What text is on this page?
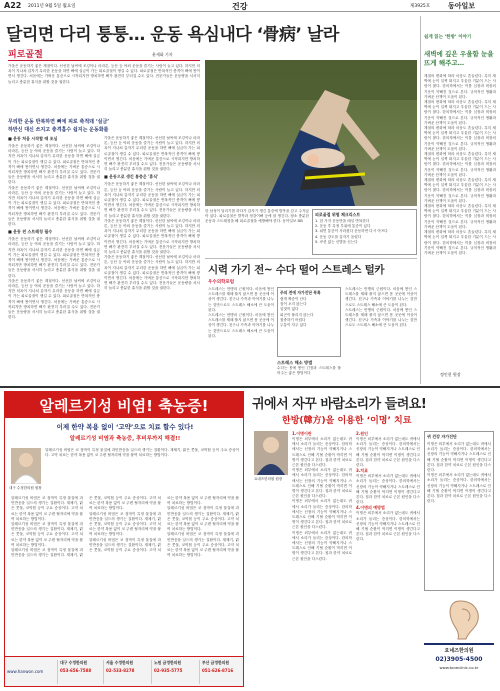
A22 2011년 9월 5일 월요일	건강	제3925호	동아일보
달리면 다리 퉁퉁… 운동 욕심내다 ‘骨病’ 날라
피로골절	윤세화 기자
가을은 운동하기 좋은 계절이다. 선선한 날씨에 조깅이나 마라톤, 등산 등 야외 운동을 즐기는 사람이 늘고 있다. 하지만 의욕이 지나쳐 갑자기 무리한 운동을 하면 뼈에 실금이 가는 피로골절이 생길 수 있다. 피로골절은 반복적인 충격이 뼈에 쌓이면서 생긴다. 처음에는 가벼운 통증으로 시작되지만 방치하면 뼈가 완전히 부러질 수도 있다. 전문가들은 운동량을 서서히 늘리고 충분한 휴식을 취할 것을 권한다.
무리한 운동 반복하면 뼈에 피로 축적돼 ‘실금’
하반신 대신 쓰지고 충격흡수 쉽지는 운동화를
■ 운동 처음 시작할 때 조심
가을은 운동하기 좋은 계절이다. 선선한 날씨에 조깅이나 마라톤, 등산 등 야외 운동을 즐기는 사람이 늘고 있다. 하지만 의욕이 지나쳐 갑자기 무리한 운동을 하면 뼈에 실금이 가는 피로골절이 생길 수 있다. 피로골절은 반복적인 충격이 뼈에 쌓이면서 생긴다. 처음에는 가벼운 통증으로 시작되지만 방치하면 뼈가 완전히 부러질 수도 있다. 전문가들은 운동량을 서서히 늘리고 충분한 휴식을 취할 것을 권한다.
가을은 운동하기 좋은 계절이다. 선선한 날씨에 조깅이나 마라톤, 등산 등 야외 운동을 즐기는 사람이 늘고 있다. 하지만 의욕이 지나쳐 갑자기 무리한 운동을 하면 뼈에 실금이 가는 피로골절이 생길 수 있다. 피로골절은 반복적인 충격이 뼈에 쌓이면서 생긴다. 처음에는 가벼운 통증으로 시작되지만 방치하면 뼈가 완전히 부러질 수도 있다. 전문가들은 운동량을 서서히 늘리고 충분한 휴식을 취할 것을 권한다.
■ 운동 전 스트레칭 필수
가을은 운동하기 좋은 계절이다. 선선한 날씨에 조깅이나 마라톤, 등산 등 야외 운동을 즐기는 사람이 늘고 있다. 하지만 의욕이 지나쳐 갑자기 무리한 운동을 하면 뼈에 실금이 가는 피로골절이 생길 수 있다. 피로골절은 반복적인 충격이 뼈에 쌓이면서 생긴다. 처음에는 가벼운 통증으로 시작되지만 방치하면 뼈가 완전히 부러질 수도 있다. 전문가들은 운동량을 서서히 늘리고 충분한 휴식을 취할 것을 권한다.
가을은 운동하기 좋은 계절이다. 선선한 날씨에 조깅이나 마라톤, 등산 등 야외 운동을 즐기는 사람이 늘고 있다. 하지만 의욕이 지나쳐 갑자기 무리한 운동을 하면 뼈에 실금이 가는 피로골절이 생길 수 있다. 피로골절은 반복적인 충격이 뼈에 쌓이면서 생긴다. 처음에는 가벼운 통증으로 시작되지만 방치하면 뼈가 완전히 부러질 수도 있다. 전문가들은 운동량을 서서히 늘리고 충분한 휴식을 취할 것을 권한다.
가을은 운동하기 좋은 계절이다. 선선한 날씨에 조깅이나 마라톤, 등산 등 야외 운동을 즐기는 사람이 늘고 있다. 하지만 의욕이 지나쳐 갑자기 무리한 운동을 하면 뼈에 실금이 가는 피로골절이 생길 수 있다. 피로골절은 반복적인 충격이 뼈에 쌓이면서 생긴다. 처음에는 가벼운 통증으로 시작되지만 방치하면 뼈가 완전히 부러질 수도 있다. 전문가들은 운동량을 서서히 늘리고 충분한 휴식을 취할 것을 권한다.
■ 운동으로 생긴 통증은 '휴식'
가을은 운동하기 좋은 계절이다. 선선한 날씨에 조깅이나 마라톤, 등산 등 야외 운동을 즐기는 사람이 늘고 있다. 하지만 의욕이 지나쳐 갑자기 무리한 운동을 하면 뼈에 실금이 가는 피로골절이 생길 수 있다. 피로골절은 반복적인 충격이 뼈에 쌓이면서 생긴다. 처음에는 가벼운 통증으로 시작되지만 방치하면 뼈가 완전히 부러질 수도 있다. 전문가들은 운동량을 서서히 늘리고 충분한 휴식을 취할 것을 권한다.
가을은 운동하기 좋은 계절이다. 선선한 날씨에 조깅이나 마라톤, 등산 등 야외 운동을 즐기는 사람이 늘고 있다. 하지만 의욕이 지나쳐 갑자기 무리한 운동을 하면 뼈에 실금이 가는 피로골절이 생길 수 있다. 피로골절은 반복적인 충격이 뼈에 쌓이면서 생긴다. 처음에는 가벼운 통증으로 시작되지만 방치하면 뼈가 완전히 부러질 수도 있다. 전문가들은 운동량을 서서히 늘리고 충분한 휴식을 취할 것을 권한다.
가을은 운동하기 좋은 계절이다. 선선한 날씨에 조깅이나 마라톤, 등산 등 야외 운동을 즐기는 사람이 늘고 있다. 하지만 의욕이 지나쳐 갑자기 무리한 운동을 하면 뼈에 실금이 가는 피로골절이 생길 수 있다. 피로골절은 반복적인 충격이 뼈에 쌓이면서 생긴다. 처음에는 가벼운 통증으로 시작되지만 방치하면 뼈가 완전히 부러질 수도 있다. 전문가들은 운동량을 서서히 늘리고 충분한 휴식을 취할 것을 권한다.
한 남성이 달리기를 하다가 갑자기 생긴 통증에 발목을 감고 주저앉아 있다. 피로골절은 발목과 정강이뼈 등에 잘 생긴다. 평소 충분한 운동과 스트레칭을 해 피로골절을 예방해야 한다. 동아일보 DB
피로골절 위험 체크리스트
1. 한 가지 운동만을 매일 반복한다
2. 운동 후 특정 부위에 통증이 있다
3. 쉬면 통증이 사라졌다 운동하면 다시 아프다
4. 운동 강도를 갑자기 올렸다
5. 쿠션 없는 신발을 신는다
시력 가기 전~ 수다 떨어 스트레스 털카
우수의학포럼
스트레스는 만병의 근원이다. 마음에 쌓인 스트레스를 제때 풀지 않으면 몸 곳곳에 이상이 생긴다. 친구나 가족과 이야기를 나누는 것만으로도 스트레스 해소에 큰 도움이 된다.
스트레스는 만병의 근원이다. 마음에 쌓인 스트레스를 제때 풀지 않으면 몸 곳곳에 이상이 생긴다. 친구나 가족과 이야기를 나누는 것만으로도 스트레스 해소에 큰 도움이 된다.
주의 전에 자가진단 목록
쉽게 짜증이 난다
잠이 오지 않는다
입맛이 없다
피곤이 풀리지 않는다
집중하기 어렵다
두통이 자주 있다
스트레스는 만병의 근원이다. 마음에 쌓인 스트레스를 제때 풀지 않으면 몸 곳곳에 이상이 생긴다. 친구나 가족과 이야기를 나누는 것만으로도 스트레스 해소에 큰 도움이 된다.
스트레스는 만병의 근원이다. 마음에 쌓인 스트레스를 제때 풀지 않으면 몸 곳곳에 이상이 생긴다. 친구나 가족과 이야기를 나누는 것만으로도 스트레스 해소에 큰 도움이 된다.
스트레스 해소 방법
수다는 몸에 쌓인 긴장과 스트레스를 풀어주는 좋은 방법이다
쉽게 읽는 ‘한방’ 이야기
새벽에 깊은 우울함 눈을 뜨게 해주고…
계절의 변화에 따라 마음도 흔들린다. 특히 새벽에 눈이 일찍 떠지고 우울한 기분이 드는 사람이 많다. 한의학에서는 이를 심장과 비장의 기운이 약해진 것으로 본다. 규칙적인 생활과 가벼운 산책이 도움이 된다.
계절의 변화에 따라 마음도 흔들린다. 특히 새벽에 눈이 일찍 떠지고 우울한 기분이 드는 사람이 많다. 한의학에서는 이를 심장과 비장의 기운이 약해진 것으로 본다. 규칙적인 생활과 가벼운 산책이 도움이 된다.
계절의 변화에 따라 마음도 흔들린다. 특히 새벽에 눈이 일찍 떠지고 우울한 기분이 드는 사람이 많다. 한의학에서는 이를 심장과 비장의 기운이 약해진 것으로 본다. 규칙적인 생활과 가벼운 산책이 도움이 된다.
계절의 변화에 따라 마음도 흔들린다. 특히 새벽에 눈이 일찍 떠지고 우울한 기분이 드는 사람이 많다. 한의학에서는 이를 심장과 비장의 기운이 약해진 것으로 본다. 규칙적인 생활과 가벼운 산책이 도움이 된다.
계절의 변화에 따라 마음도 흔들린다. 특히 새벽에 눈이 일찍 떠지고 우울한 기분이 드는 사람이 많다. 한의학에서는 이를 심장과 비장의 기운이 약해진 것으로 본다. 규칙적인 생활과 가벼운 산책이 도움이 된다.
계절의 변화에 따라 마음도 흔들린다. 특히 새벽에 눈이 일찍 떠지고 우울한 기분이 드는 사람이 많다. 한의학에서는 이를 심장과 비장의 기운이 약해진 것으로 본다. 규칙적인 생활과 가벼운 산책이 도움이 된다.
계절의 변화에 따라 마음도 흔들린다. 특히 새벽에 눈이 일찍 떠지고 우울한 기분이 드는 사람이 많다. 한의학에서는 이를 심장과 비장의 기운이 약해진 것으로 본다. 규칙적인 생활과 가벼운 산책이 도움이 된다.
정인헌 원장
알레르기성 비염! 축농증!
이제 한약 복용 없이 ‘고약’으로 치료 할수 있다!
알레르기성 비염과 축농증, 후비루까지 해결!!
대구 수정한의원 원장
알레르기성 비염은 코 점막이 특정 물질에 과민반응을 일으켜 생기는 질환이다. 재채기, 맑은 콧물, 코막힘 등이 주요 증상이다. 고약 치료는 한약 복용 없이 코 주변 혈자리에 약을 붙여 치료하는 방법이다.
알레르기성 비염은 코 점막이 특정 물질에 과민반응을 일으켜 생기는 질환이다. 재채기, 맑은 콧물, 코막힘 등이 주요 증상이다. 고약 치료는 한약 복용 없이 코 주변 혈자리에 약을 붙여 치료하는 방법이다.
알레르기성 비염은 코 점막이 특정 물질에 과민반응을 일으켜 생기는 질환이다. 재채기, 맑은 콧물, 코막힘 등이 주요 증상이다. 고약 치료는 한약 복용 없이 코 주변 혈자리에 약을 붙여 치료하는 방법이다.
알레르기성 비염은 코 점막이 특정 물질에 과민반응을 일으켜 생기는 질환이다. 재채기, 맑은 콧물, 코막힘 등이 주요 증상이다. 고약 치료는 한약 복용 없이 코 주변 혈자리에 약을 붙여 치료하는 방법이다.
알레르기성 비염은 코 점막이 특정 물질에 과민반응을 일으켜 생기는 질환이다. 재채기, 맑은 콧물, 코막힘 등이 주요 증상이다. 고약 치료는 한약 복용 없이 코 주변 혈자리에 약을 붙여 치료하는 방법이다.
알레르기성 비염은 코 점막이 특정 물질에 과민반응을 일으켜 생기는 질환이다. 재채기, 맑은 콧물, 코막힘 등이 주요 증상이다. 고약 치료는 한약 복용 없이 코 주변 혈자리에 약을 붙여 치료하는 방법이다.
알레르기성 비염은 코 점막이 특정 물질에 과민반응을 일으켜 생기는 질환이다. 재채기, 맑은 콧물, 코막힘 등이 주요 증상이다. 고약 치료는 한약 복용 없이 코 주변 혈자리에 약을 붙여 치료하는 방법이다.
알레르기성 비염은 코 점막이 특정 물질에 과민반응을 일으켜 생기는 질환이다. 재채기, 맑은 콧물, 코막힘 등이 주요 증상이다. 고약 치료는 한약 복용 없이 코 주변 혈자리에 약을 붙여 치료하는 방법이다.
www.hanwon.com
대구 수정한의원
053-656-7588
서울 수정한의원
02-533-8278
노원 금정한의원
02-935-5775
부산 금정한의원
051-626-8716
귀에서 자꾸 바람소리가 들려요!
한방(韓方)을 이용한 ‘이명’ 치료
요네즈한의원 원장
1.이명이란
이명은 외부에서 소리가 없는데도 귀에서 소리가 들리는 증상이다. 한의학에서는 신장의 기능이 약해지거나 스트레스로 인해 기혈 순환이 막히면 이명이 생긴다고 본다. 침과 한약 치료로 근본 원인을 다스린다.
이명은 외부에서 소리가 없는데도 귀에서 소리가 들리는 증상이다. 한의학에서는 신장의 기능이 약해지거나 스트레스로 인해 기혈 순환이 막히면 이명이 생긴다고 본다. 침과 한약 치료로 근본 원인을 다스린다.
이명은 외부에서 소리가 없는데도 귀에서 소리가 들리는 증상이다. 한의학에서는 신장의 기능이 약해지거나 스트레스로 인해 기혈 순환이 막히면 이명이 생긴다고 본다. 침과 한약 치료로 근본 원인을 다스린다.
이명은 외부에서 소리가 없는데도 귀에서 소리가 들리는 증상이다. 한의학에서는 신장의 기능이 약해지거나 스트레스로 인해 기혈 순환이 막히면 이명이 생긴다고 본다. 침과 한약 치료로 근본 원인을 다스린다.
2.원인
이명은 외부에서 소리가 없는데도 귀에서 소리가 들리는 증상이다. 한의학에서는 신장의 기능이 약해지거나 스트레스로 인해 기혈 순환이 막히면 이명이 생긴다고 본다. 침과 한약 치료로 근본 원인을 다스린다.
3.치료
이명은 외부에서 소리가 없는데도 귀에서 소리가 들리는 증상이다. 한의학에서는 신장의 기능이 약해지거나 스트레스로 인해 기혈 순환이 막히면 이명이 생긴다고 본다. 침과 한약 치료로 근본 원인을 다스린다.
4.이명의 예방법
이명은 외부에서 소리가 없는데도 귀에서 소리가 들리는 증상이다. 한의학에서는 신장의 기능이 약해지거나 스트레스로 인해 기혈 순환이 막히면 이명이 생긴다고 본다. 침과 한약 치료로 근본 원인을 다스린다.
귀 건강 자가진단
이명은 외부에서 소리가 없는데도 귀에서 소리가 들리는 증상이다. 한의학에서는 신장의 기능이 약해지거나 스트레스로 인해 기혈 순환이 막히면 이명이 생긴다고 본다. 침과 한약 치료로 근본 원인을 다스린다.
이명은 외부에서 소리가 없는데도 귀에서 소리가 들리는 증상이다. 한의학에서는 신장의 기능이 약해지거나 스트레스로 인해 기혈 순환이 막히면 이명이 생긴다고 본다. 침과 한약 치료로 근본 원인을 다스린다.
요네즈한의원
02)3905-4500
www.toneclinic.co.kr
